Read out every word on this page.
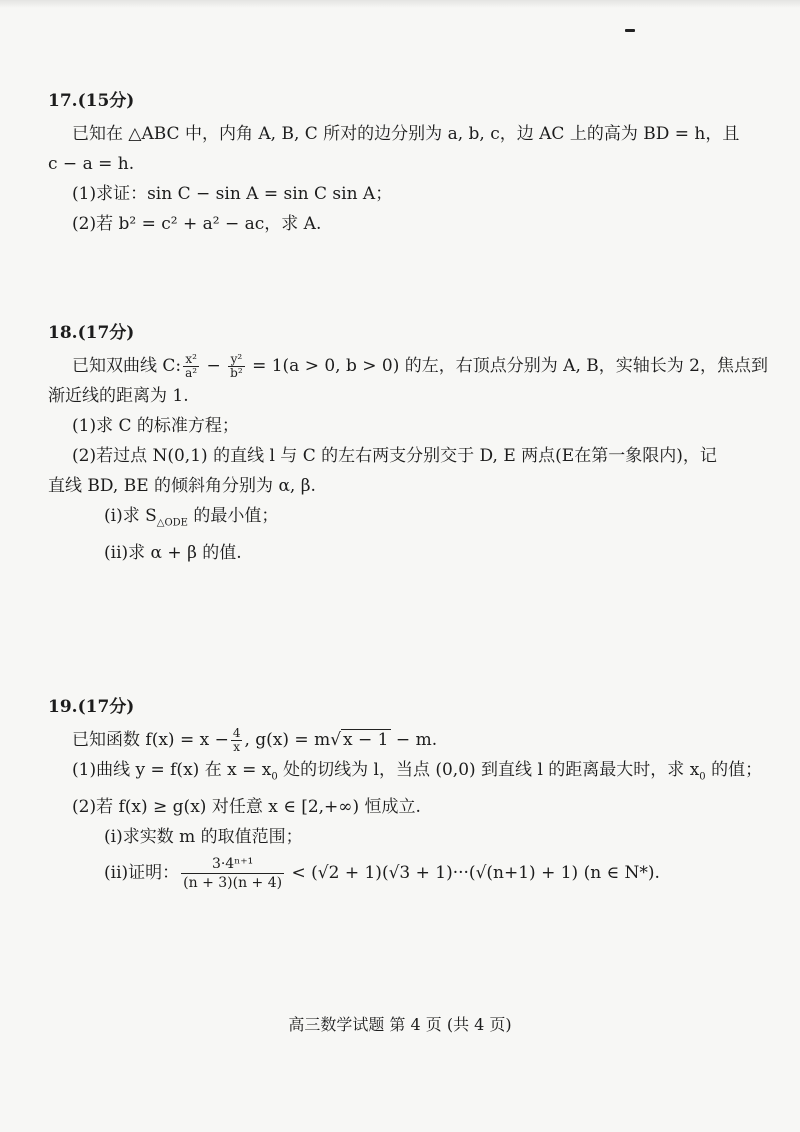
17.(15分)
已知在 △ABC 中，内角 A, B, C 所对的边分别为 a, b, c，边 AC 上的高为 BD = h，且
c − a = h.
(1)求证：sin C − sin A = sin C sin A；
(2)若 b² = c² + a² − ac，求 A.
18.(17分)
已知双曲线 C: $\frac{\text{x²}}{\text{a²}} - \frac{\text{y²}}{\text{b²}} = 1(a > 0$, b > 0) 的左，右顶点分别为 A, B，实轴长为 2，焦点到
渐近线的距离为 1.
(1)求 C 的标准方程；
(2)若过点 N(0,1) 的直线 l 与 C 的左右两支分别交于 D, E 两点(E在第一象限内)，记
直线 BD, BE 的倾斜角分别为 α, β.
(i)求 $S_{\triangle ODE}$ 的最小值；
(ii)求 α + β 的值.
19.(17分)
已知函数 $f(x) = x - \frac{4}{x}$ , g(x) = m√ x − 1 − m.
(1)曲线 y = f(x) 在 $x = x_0$ 处的切线为 l，当点 (0,0) 到直线 l 的距离最大时，求 $x_0$ 的值；
(2)若 f(x) ≥ g(x) 对任意 x ∈ [2,+∞) 恒成立.
(i)求实数 m 的取值范围；
(ii)证明： $\frac{\text{3·4ⁿ⁺¹}}{(n + 3)(n + 4)} < (√2 + 1)(√3 + 1)\cdot\cdot\cdot(√(n+1) + 1)$ (n ∈ N*).
高三数学试题 第 4 页 (共 4 页)
